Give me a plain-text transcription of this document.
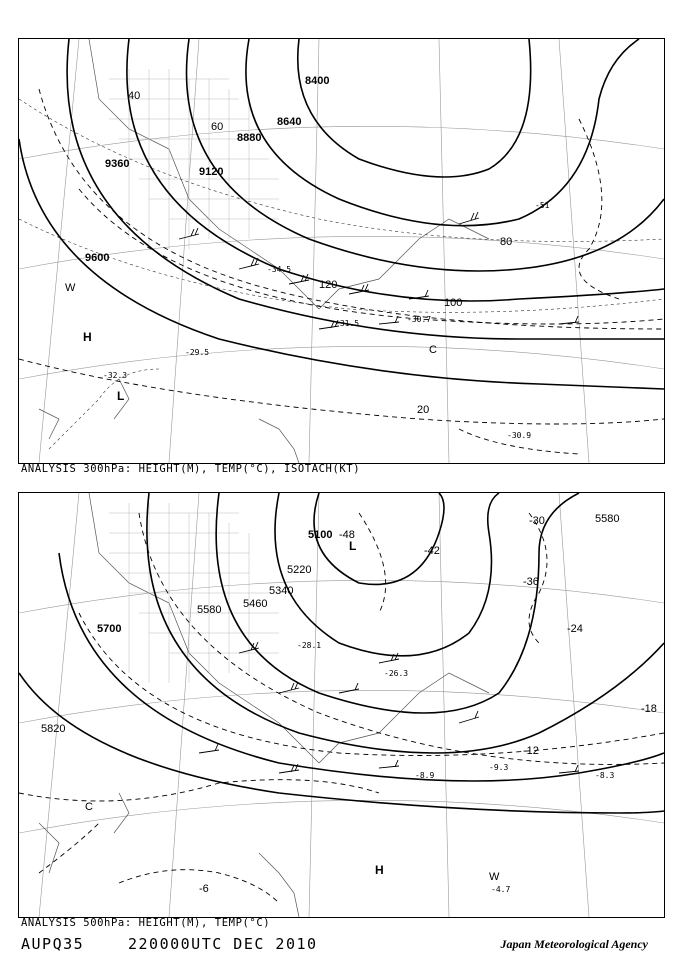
8400
8640
8880
9120
9360
9600
40
60
80
100
120
20
-30.7
-31.5
-32.3
-29.5
-30.9
-34.5
-51
H
L
C
W
ANALYSIS 300hPa: HEIGHT(M), TEMP(°C), ISOTACH(KT)
5100
5220
5340
5460
5580
5700
5820
5580
-48
-42
-36
-30
-24
-18
-12
-6
-28.1
-26.3
-9.3
-8.3
-8.9
-4.7
L
H	W
C
ANALYSIS 500hPa: HEIGHT(M), TEMP(°C)
AUPQ35	220000UTC DEC 2010	Japan Meteorological Agency
